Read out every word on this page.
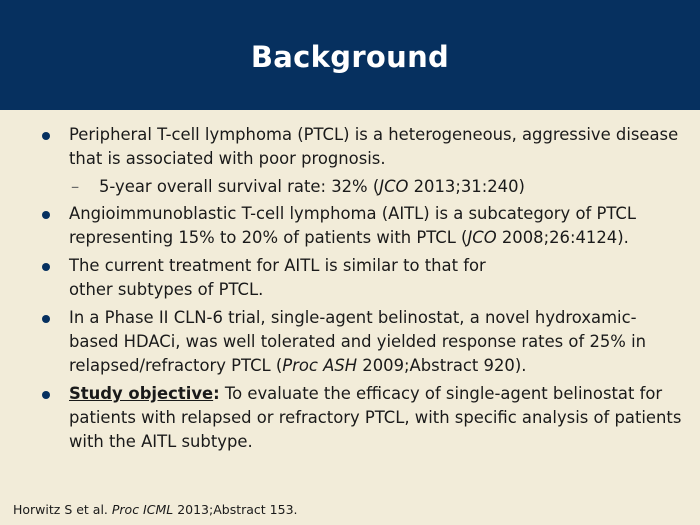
Background
Peripheral T-cell lymphoma (PTCL) is a heterogeneous, aggressive disease that is associated with poor prognosis.
– 5-year overall survival rate: 32% (JCO 2013;31:240)
Angioimmunoblastic T-cell lymphoma (AITL) is a subcategory of PTCL representing 15% to 20% of patients with PTCL (JCO 2008;26:4124).
The current treatment for AITL is similar to that for
other subtypes of PTCL.
In a Phase II CLN-6 trial, single-agent belinostat, a novel hydroxamic-based HDACi, was well tolerated and yielded response rates of 25% in relapsed/refractory PTCL (Proc ASH 2009;Abstract 920).
Study objective: To evaluate the efficacy of single-agent belinostat for patients with relapsed or refractory PTCL, with specific analysis of patients with the AITL subtype.
Horwitz S et al. Proc ICML 2013;Abstract 153.
